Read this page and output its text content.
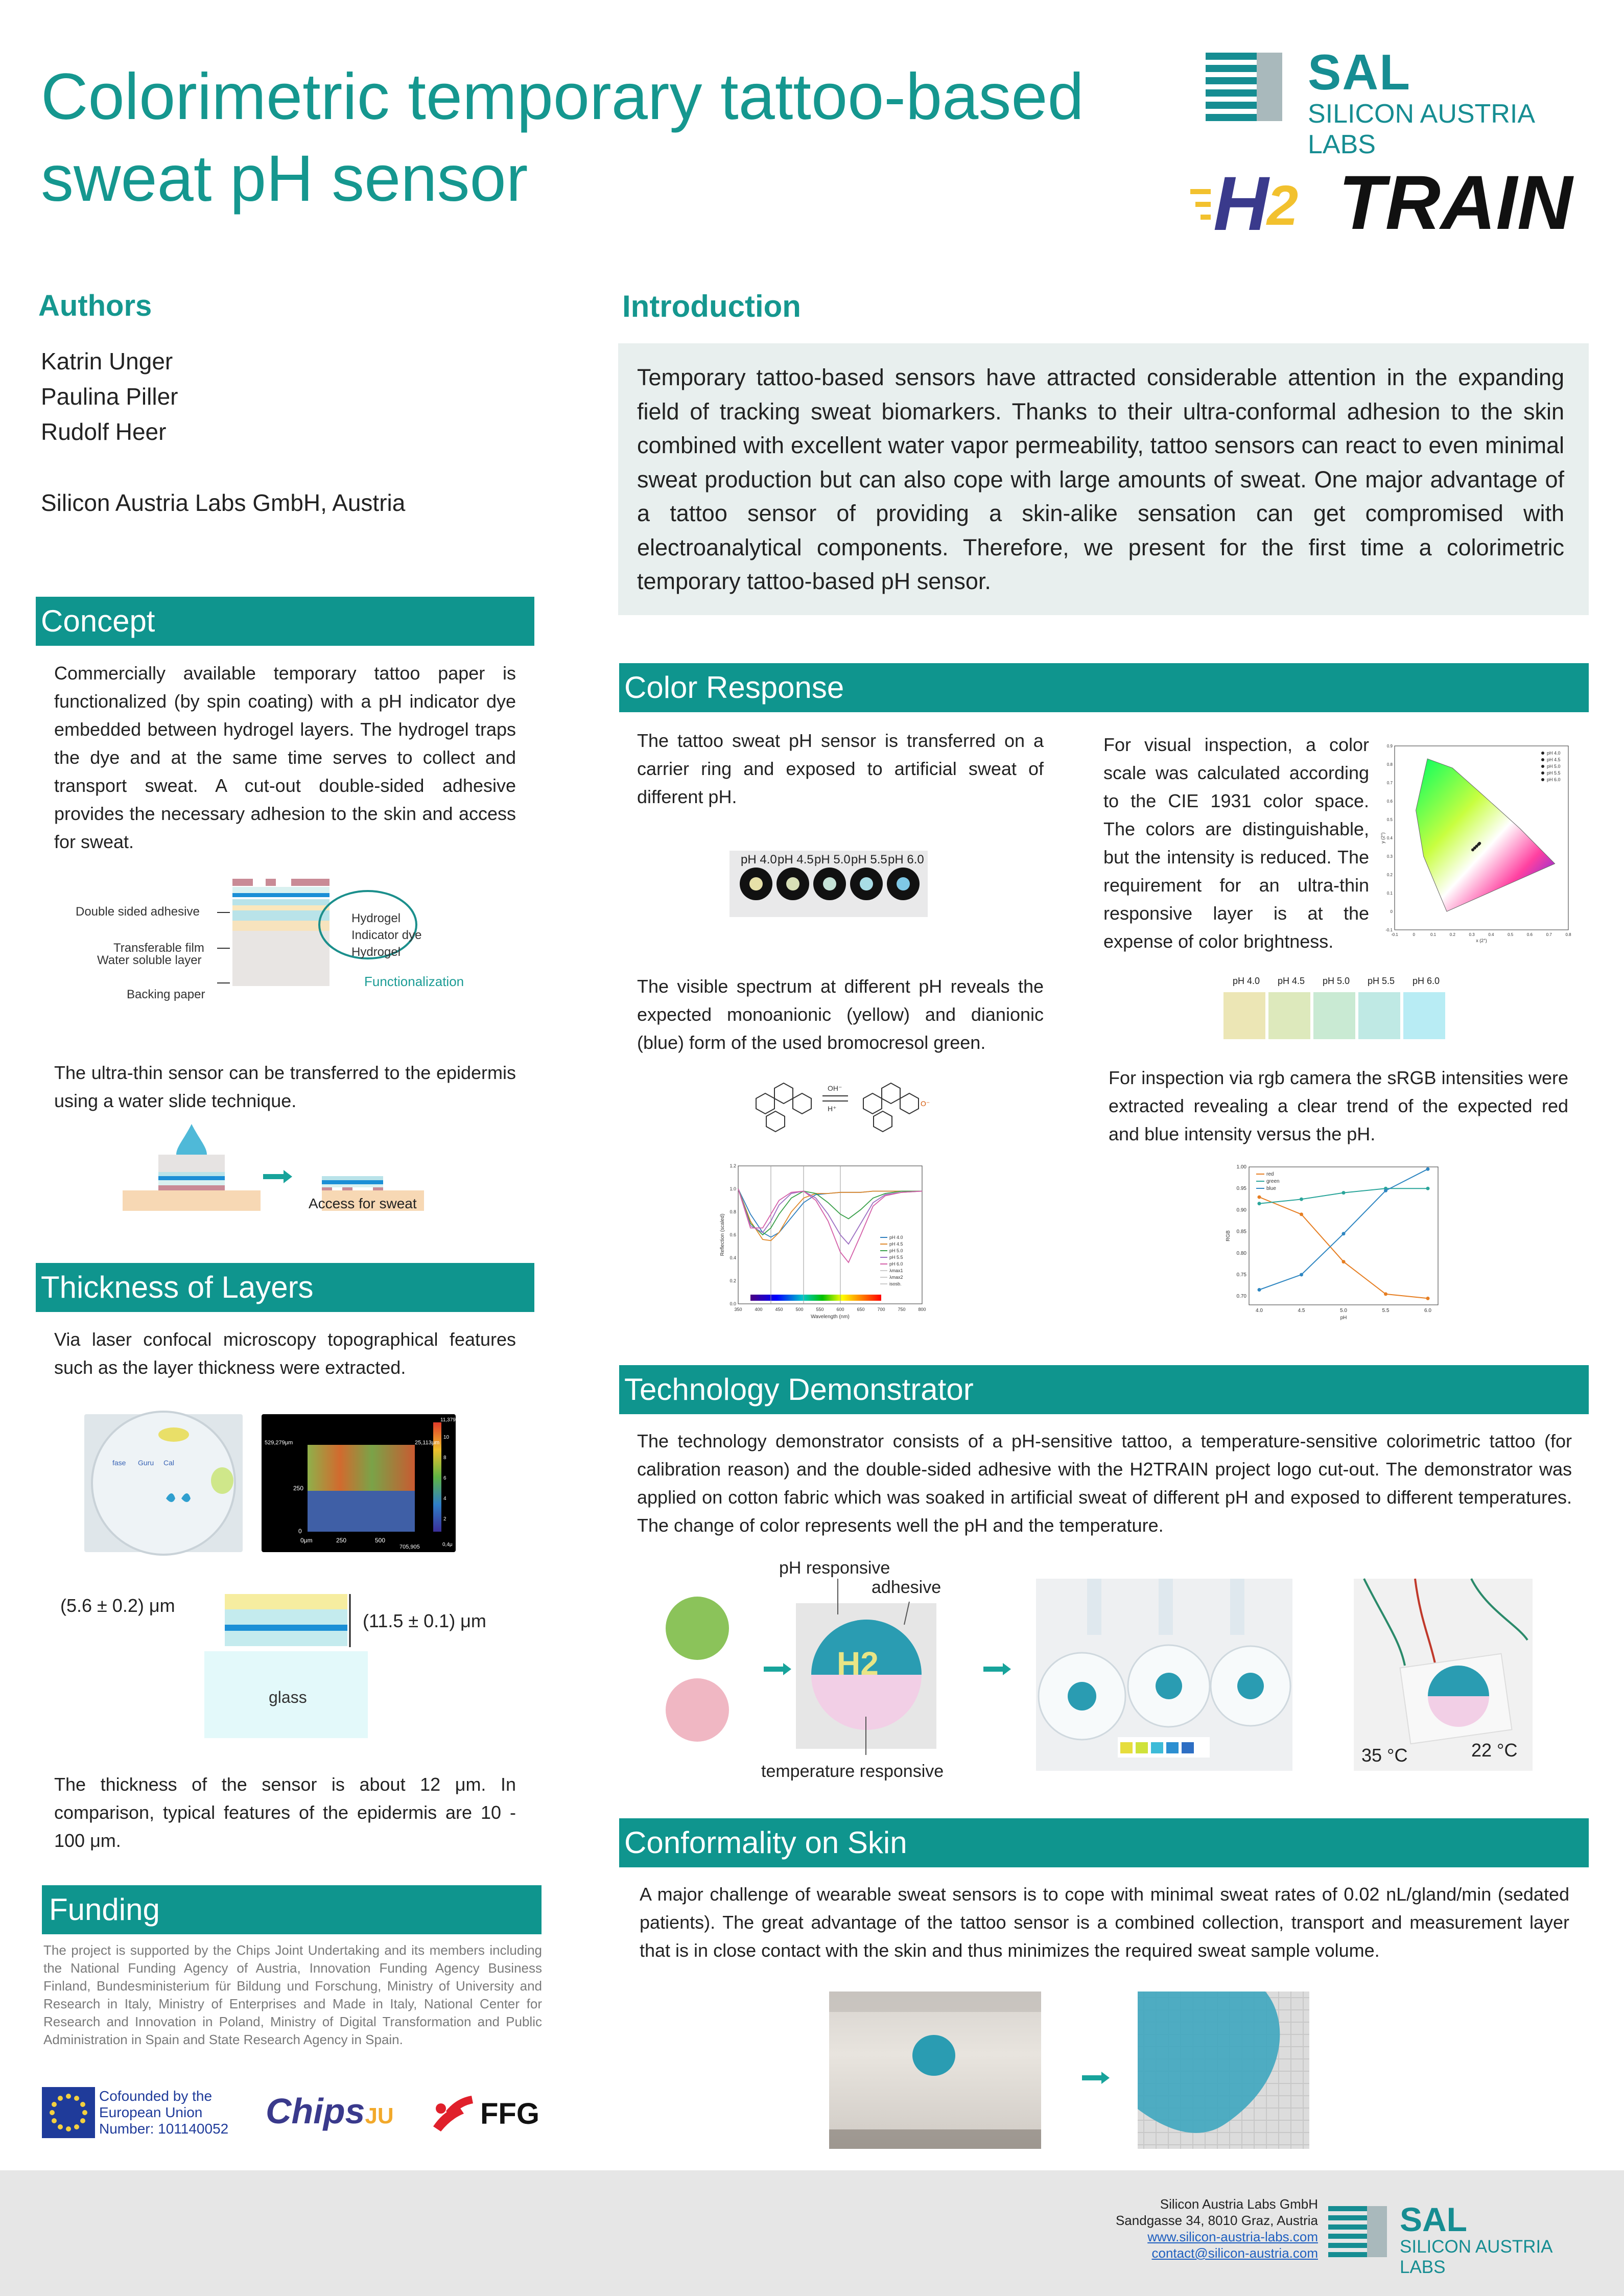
Colorimetric temporary tattoo-based
sweat pH sensor
SAL
SILICON AUSTRIA LABS
H
2 TRAIN
Authors
Katrin Unger
Paulina Piller
Rudolf Heer
Silicon Austria Labs GmbH, Austria
Concept
Commercially available temporary tattoo paper is functionalized (by spin coating) with a pH indicator dye embedded between hydrogel layers. The hydrogel traps the dye and at the same time serves to collect and transport sweat. A cut-out double-sided adhesive provides the necessary adhesion to the skin and access for sweat.
Double sided adhesive
Transferable film
Water soluble layer
Backing paper
Hydrogel
Indicator dye
Hydrogel
Functionalization
The ultra-thin sensor can be transferred to the epidermis using a water slide technique.
Access for sweat
Thickness of Layers
Via laser confocal microscopy topographical features such as the layer thickness were extracted.
fase Guru Cal
529,279μm	25,113μm
11,379μm
250
0
0μm	250	500
705,905	0,4μ
10
8
6
4
2
(5.6 ± 0.2) μm
(11.5 ± 0.1) μm
glass
The thickness of the sensor is about 12 μm. In comparison, typical features of the epidermis are 10 - 100 μm.
Funding
The project is supported by the Chips Joint Undertaking and its members including the National Funding Agency of Austria, Innovation Funding Agency Business Finland, Bundesministerium für Bildung und Forschung, Ministry of University and Research in Italy, Ministry of Enterprises and Made in Italy, National Center for Research and Innovation in Poland, Ministry of Digital Transformation and Public Administration in Spain and State Research Agency in Spain.
Cofounded by the
European Union
Number: 101140052 ChipsJU	FFG
Introduction
Temporary tattoo-based sensors have attracted considerable attention in the expanding field of tracking sweat biomarkers. Thanks to their ultra-conformal adhesion to the skin combined with excellent water vapor permeability, tattoo sensors can react to even minimal sweat production but can also cope with large amounts of sweat. One major advantage of a tattoo sensor of providing a skin-alike sensation can get compromised with electroanalytical components. Therefore, we present for the first time a colorimetric temporary tattoo-based pH sensor.
Color Response
The tattoo sweat pH sensor is transferred on a carrier ring and exposed to artificial sweat of different pH.
pH 4.0 pH 4.5 pH 5.0 pH 5.5 pH 6.0
The visible spectrum at different pH reveals the expected monoanionic (yellow) and dianionic (blue) form of the used bromocresol green.
OH⁻
H⁺
O⁻
350	400	450	500	550	600	650	700	750	800
0.0
0.2
0.4
0.6
0.8
1.0
1.2
Wavelength (nm)
Reflection (scaled)	pH 4.0
pH 4.5
pH 5.0
pH 5.5
pH 6.0
λmax1
λmax2
isosb.
For visual inspection, a color scale was calculated according to the CIE 1931 color space. The colors are distinguishable, but the intensity is reduced. The requirement for an ultra-thin responsive layer is at the expense of color brightness.
pH 4.0
pH 4.5
pH 5.0
pH 5.5
pH 6.0
-0.1	0	0.1	0.2	0.3	0.4	0.5	0.6	0.7	0.8
-0.1
0
0.1
0.2
0.3
0.4
0.5
0.6
0.7
0.8
0.9
x (2°)
y (2°)
pH 4.0 pH 4.5 pH 5.0 pH 5.5 pH 6.0
For inspection via rgb camera the sRGB intensities were extracted revealing a clear trend of the expected red and blue intensity versus the pH.
red
green
blue
4.0	4.5	5.0	5.5	6.0
0.70
0.75
0.80
0.85
0.90
0.95
1.00
pH
RGB
Technology Demonstrator
The technology demonstrator consists of a pH-sensitive tattoo, a temperature-sensitive colorimetric tattoo (for calibration reason) and the double-sided adhesive with the H2TRAIN project logo cut-out. The demonstrator was applied on cotton fabric which was soaked in artificial sweat of different pH and exposed to different temperatures. The change of color represents well the pH and the temperature.
H2
pH responsive
adhesive
temperature responsive
35 °C	22 °C
Conformality on Skin
A major challenge of wearable sweat sensors is to cope with minimal sweat rates of 0.02 nL/gland/min (sedated patients). The great advantage of the tattoo sensor is a combined collection, transport and measurement layer that is in close contact with the skin and thus minimizes the required sweat sample volume.
Silicon Austria Labs GmbH
Sandgasse 34, 8010 Graz, Austria
www.silicon-austria-labs.com
contact@silicon-austria.com
SAL
SILICON AUSTRIA LABS
